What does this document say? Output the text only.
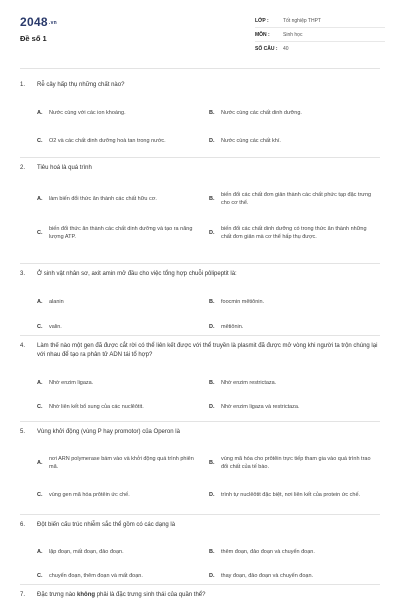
2048.vn
Đề số 1
LỚP :	Tốt nghiệp THPT
MÔN :	Sinh học
SỐ CÂU :	40
1.	Rễ cây hấp thụ những chất nào?
A.	Nước cùng với các ion khoáng.	B.	Nước cùng các chất dinh dưỡng.
C.	O2 và các chất dinh dưỡng hoà tan trong nước.	D.	Nước cùng các chất khí.
2.	Tiêu hoá là quá trình
A.	làm biến đổi thức ăn thành các chất hữu cơ.	B.
biến đổi các chất đơn giản thành các chất phức tạp đặc trưng cho cơ thể.
C.
biến đổi thức ăn thành các chất dinh dưỡng và tạo ra năng lượng ATP.
D.
biến đổi các chất dinh dưỡng có trong thức ăn thành những chất đơn giản mà cơ thể hấp thụ được.
3.	Ở sinh vật nhân sơ, axit amin mở đầu cho việc tổng hợp chuỗi pôlipeptit là:
A.	alanin	B.	foocmin mêtiônin.
C.	valin.	D.	mêtiônin.
4.	Làm thế nào một gen đã được cắt rời có thể liên kết được với thể truyền là plasmit đã được mở vòng khi người ta trộn chúng lại với nhau để tạo ra phân tử ADN tái tổ hợp?
A.	Nhờ enzim ligaza.	B.	Nhờ enzim restrictaza.
C.	Nhờ liên kết bổ sung của các nuclêôtit.	D.	Nhờ enzim ligaza và restrictaza.
5.	Vùng khởi động (vùng P hay promotor) của Operon là
A.
nơi ARN polymerase bám vào và khởi động quá trình phiên mã.
B.
vùng mã hóa cho prôtêin trực tiếp tham gia vào quá trình trao đổi chất của tế bào.
C.	vùng gen mã hóa prôtêin ức chế.	D.	trình tự nuclêôtit đặc biệt, nơi liên kết của protein ức chế.
6.	Đột biến cấu trúc nhiễm sắc thể gồm có các dạng là
A.	lặp đoạn, mất đoạn, đảo đoạn.	B.	thêm đoạn, đảo đoạn và chuyển đoạn.
C.	chuyển đoạn, thêm đoạn và mất đoạn.	D.	thay đoạn, đảo đoạn và chuyển đoạn.
7.	Đặc trưng nào không phải là đặc trưng sinh thái của quần thể?
